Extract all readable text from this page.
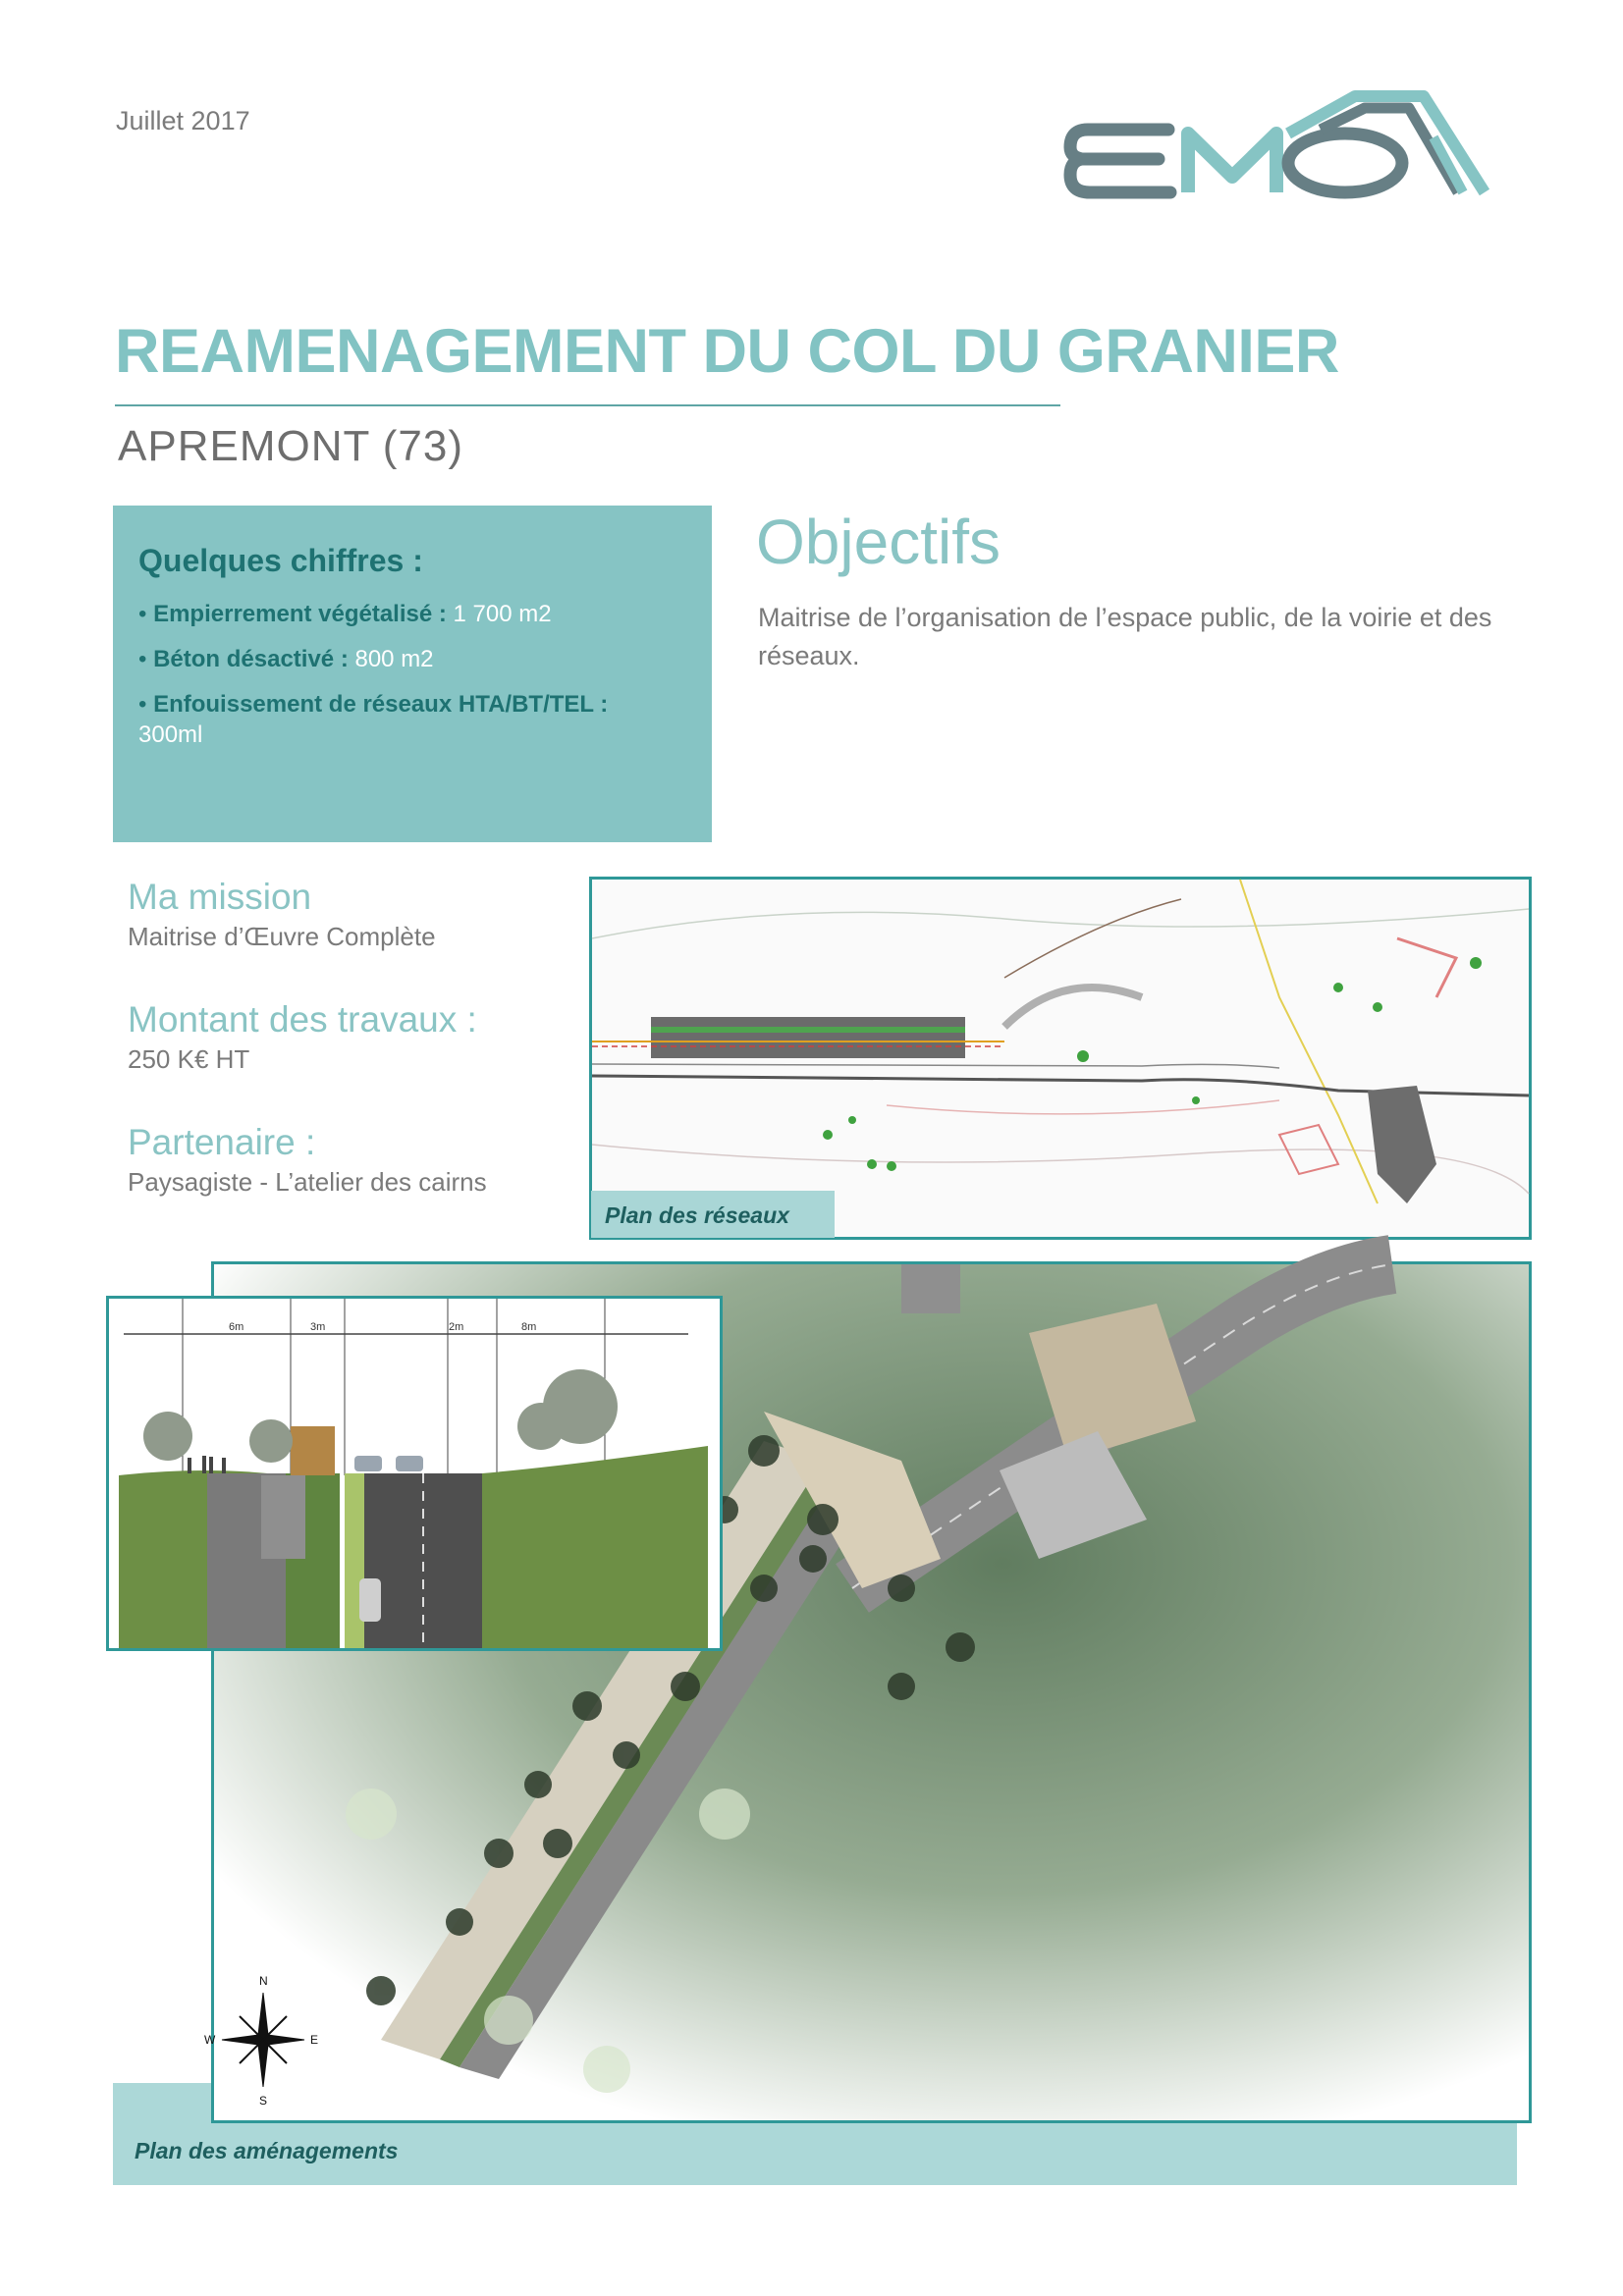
Juillet 2017
EMO
REAMENAGEMENT DU COL DU GRANIER
APREMONT (73)
Quelques chiffres :
• Empierrement végétalisé : 1 700 m2
• Béton désactivé : 800 m2
• Enfouissement de réseaux HTA/BT/TEL :
300ml
Objectifs
Maitrise de l’organisation de l’espace public, de la voirie et des réseaux.
Ma mission
Maitrise d’Œuvre Complète
Montant des travaux :
250 K€ HT
Partenaire :
Paysagiste - L’atelier des cairns
Plan des réseaux
N
E
S
W
Plan des aménagements
6m	3m	2m	8m
